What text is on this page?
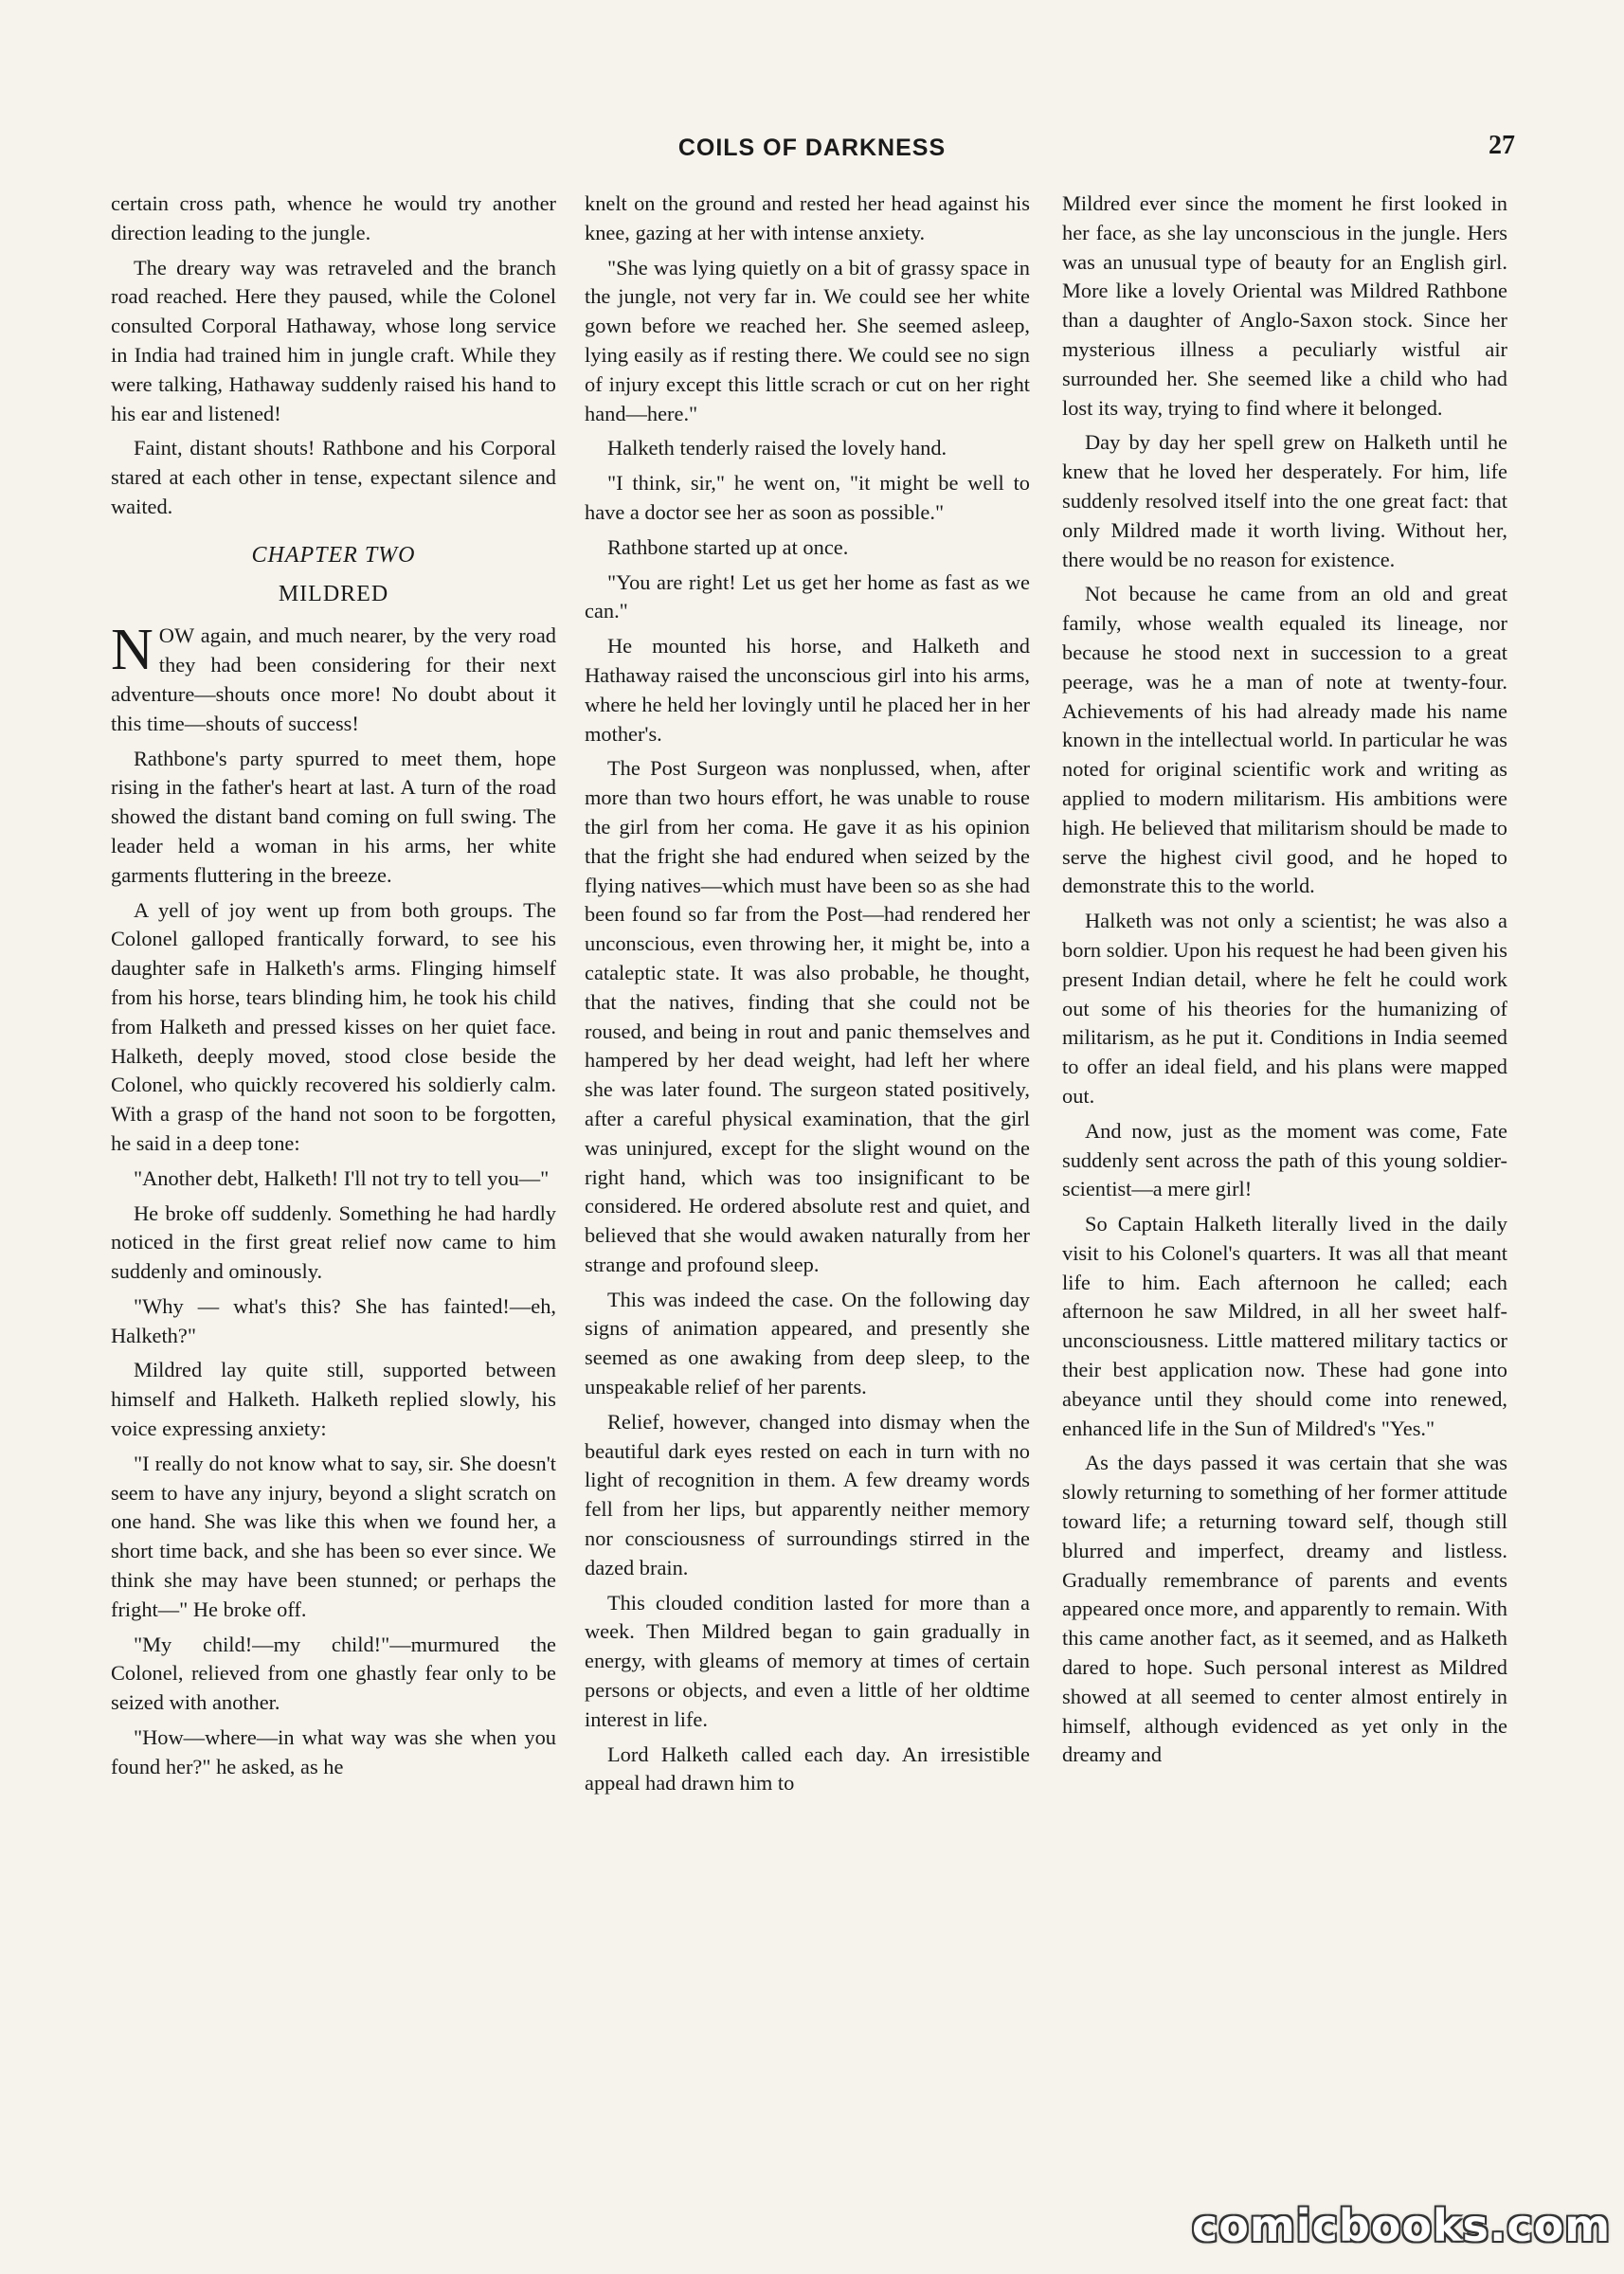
COILS OF DARKNESS	27

certain cross path, whence he would try another direction leading to the jungle.

The dreary way was retraveled and the branch road reached. Here they paused, while the Colonel consulted Corporal Hathaway, whose long service in India had trained him in jungle craft. While they were talking, Hathaway suddenly raised his hand to his ear and listened!

Faint, distant shouts! Rathbone and his Corporal stared at each other in tense, expectant silence and waited.

CHAPTER TWO
MILDRED

NOW again, and much nearer, by the very road they had been considering for their next adventure—shouts once more! No doubt about it this time—shouts of success!

Rathbone's party spurred to meet them, hope rising in the father's heart at last. A turn of the road showed the distant band coming on full swing. The leader held a woman in his arms, her white garments fluttering in the breeze.

A yell of joy went up from both groups. The Colonel galloped frantically forward, to see his daughter safe in Halketh's arms. Flinging himself from his horse, tears blinding him, he took his child from Halketh and pressed kisses on her quiet face. Halketh, deeply moved, stood close beside the Colonel, who quickly recovered his soldierly calm. With a grasp of the hand not soon to be forgotten, he said in a deep tone:

"Another debt, Halketh! I'll not try to tell you—"

He broke off suddenly. Something he had hardly noticed in the first great relief now came to him suddenly and ominously.

"Why — what's this? She has fainted!—eh, Halketh?"

Mildred lay quite still, supported between himself and Halketh. Halketh replied slowly, his voice expressing anxiety:

"I really do not know what to say, sir. She doesn't seem to have any injury, beyond a slight scratch on one hand. She was like this when we found her, a short time back, and she has been so ever since. We think she may have been stunned; or perhaps the fright—" He broke off.

"My child!—my child!"—murmured the Colonel, relieved from one ghastly fear only to be seized with another.

"How—where—in what way was she when you found her?" he asked, as he

knelt on the ground and rested her head against his knee, gazing at her with intense anxiety.

"She was lying quietly on a bit of grassy space in the jungle, not very far in. We could see her white gown before we reached her. She seemed asleep, lying easily as if resting there. We could see no sign of injury except this little scrach or cut on her right hand—here."

Halketh tenderly raised the lovely hand.

"I think, sir," he went on, "it might be well to have a doctor see her as soon as possible."

Rathbone started up at once.

"You are right! Let us get her home as fast as we can."

He mounted his horse, and Halketh and Hathaway raised the unconscious girl into his arms, where he held her lovingly until he placed her in her mother's.

The Post Surgeon was nonplussed, when, after more than two hours effort, he was unable to rouse the girl from her coma. He gave it as his opinion that the fright she had endured when seized by the flying natives—which must have been so as she had been found so far from the Post—had rendered her unconscious, even throwing her, it might be, into a cataleptic state. It was also probable, he thought, that the natives, finding that she could not be roused, and being in rout and panic themselves and hampered by her dead weight, had left her where she was later found. The surgeon stated positively, after a careful physical examination, that the girl was uninjured, except for the slight wound on the right hand, which was too insignificant to be considered. He ordered absolute rest and quiet, and believed that she would awaken naturally from her strange and profound sleep.

This was indeed the case. On the following day signs of animation appeared, and presently she seemed as one awaking from deep sleep, to the unspeakable relief of her parents.

Relief, however, changed into dismay when the beautiful dark eyes rested on each in turn with no light of recognition in them. A few dreamy words fell from her lips, but apparently neither memory nor consciousness of surroundings stirred in the dazed brain.

This clouded condition lasted for more than a week. Then Mildred began to gain gradually in energy, with gleams of memory at times of certain persons or objects, and even a little of her oldtime interest in life.

Lord Halketh called each day. An irresistible appeal had drawn him to

Mildred ever since the moment he first looked in her face, as she lay unconscious in the jungle. Hers was an unusual type of beauty for an English girl. More like a lovely Oriental was Mildred Rathbone than a daughter of Anglo-Saxon stock. Since her mysterious illness a peculiarly wistful air surrounded her. She seemed like a child who had lost its way, trying to find where it belonged.

Day by day her spell grew on Halketh until he knew that he loved her desperately. For him, life suddenly resolved itself into the one great fact: that only Mildred made it worth living. Without her, there would be no reason for existence.

Not because he came from an old and great family, whose wealth equaled its lineage, nor because he stood next in succession to a great peerage, was he a man of note at twenty-four. Achievements of his had already made his name known in the intellectual world. In particular he was noted for original scientific work and writing as applied to modern militarism. His ambitions were high. He believed that militarism should be made to serve the highest civil good, and he hoped to demonstrate this to the world.

Halketh was not only a scientist; he was also a born soldier. Upon his request he had been given his present Indian detail, where he felt he could work out some of his theories for the humanizing of militarism, as he put it. Conditions in India seemed to offer an ideal field, and his plans were mapped out.

And now, just as the moment was come, Fate suddenly sent across the path of this young soldier-scientist—a mere girl!

So Captain Halketh literally lived in the daily visit to his Colonel's quarters. It was all that meant life to him. Each afternoon he called; each afternoon he saw Mildred, in all her sweet half-unconsciousness. Little mattered military tactics or their best application now. These had gone into abeyance until they should come into renewed, enhanced life in the Sun of Mildred's "Yes."

As the days passed it was certain that she was slowly returning to something of her former attitude toward life; a returning toward self, though still blurred and imperfect, dreamy and listless. Gradually remembrance of parents and events appeared once more, and apparently to remain. With this came another fact, as it seemed, and as Halketh dared to hope. Such personal interest as Mildred showed at all seemed to center almost entirely in himself, although evidenced as yet only in the dreamy and

comicbooks.com
